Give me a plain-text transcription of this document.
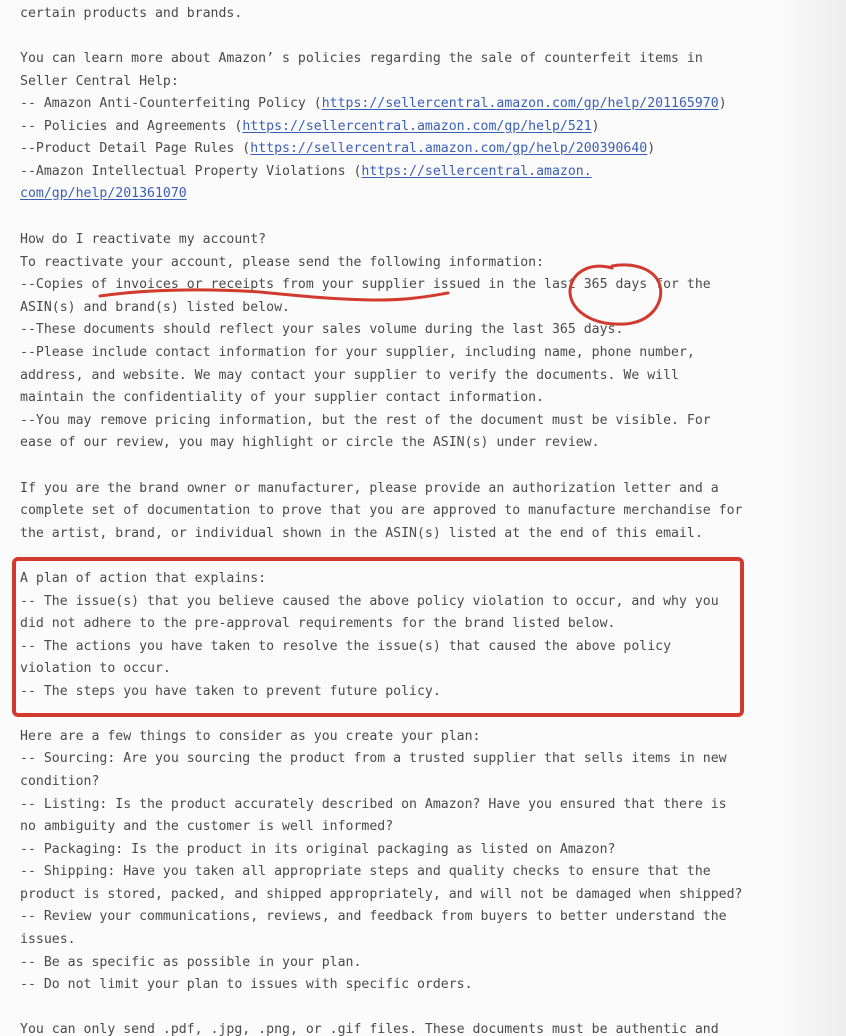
certain products and brands.
You can learn more about Amazon’ s policies regarding the sale of counterfeit items in
Seller Central Help:
-- Amazon Anti-Counterfeiting Policy (https://sellercentral.amazon.com/gp/help/201165970)
-- Policies and Agreements (https://sellercentral.amazon.com/gp/help/521)
--Product Detail Page Rules (https://sellercentral.amazon.com/gp/help/200390640)
--Amazon Intellectual Property Violations (https://sellercentral.amazon.
com/gp/help/201361070
How do I reactivate my account?
To reactivate your account, please send the following information:
--Copies of invoices or receipts from your supplier issued in the last 365 days for the
ASIN(s) and brand(s) listed below.
--These documents should reflect your sales volume during the last 365 days.
--Please include contact information for your supplier, including name, phone number,
address, and website. We may contact your supplier to verify the documents. We will
maintain the confidentiality of your supplier contact information.
--You may remove pricing information, but the rest of the document must be visible. For
ease of our review, you may highlight or circle the ASIN(s) under review.
If you are the brand owner or manufacturer, please provide an authorization letter and a
complete set of documentation to prove that you are approved to manufacture merchandise for
the artist, brand, or individual shown in the ASIN(s) listed at the end of this email.
A plan of action that explains:
-- The issue(s) that you believe caused the above policy violation to occur, and why you
did not adhere to the pre-approval requirements for the brand listed below.
-- The actions you have taken to resolve the issue(s) that caused the above policy
violation to occur.
-- The steps you have taken to prevent future policy.
Here are a few things to consider as you create your plan:
-- Sourcing: Are you sourcing the product from a trusted supplier that sells items in new
condition?
-- Listing: Is the product accurately described on Amazon? Have you ensured that there is
no ambiguity and the customer is well informed?
-- Packaging: Is the product in its original packaging as listed on Amazon?
-- Shipping: Have you taken all appropriate steps and quality checks to ensure that the
product is stored, packed, and shipped appropriately, and will not be damaged when shipped?
-- Review your communications, reviews, and feedback from buyers to better understand the
issues.
-- Be as specific as possible in your plan.
-- Do not limit your plan to issues with specific orders.
You can only send .pdf, .jpg, .png, or .gif files. These documents must be authentic and
